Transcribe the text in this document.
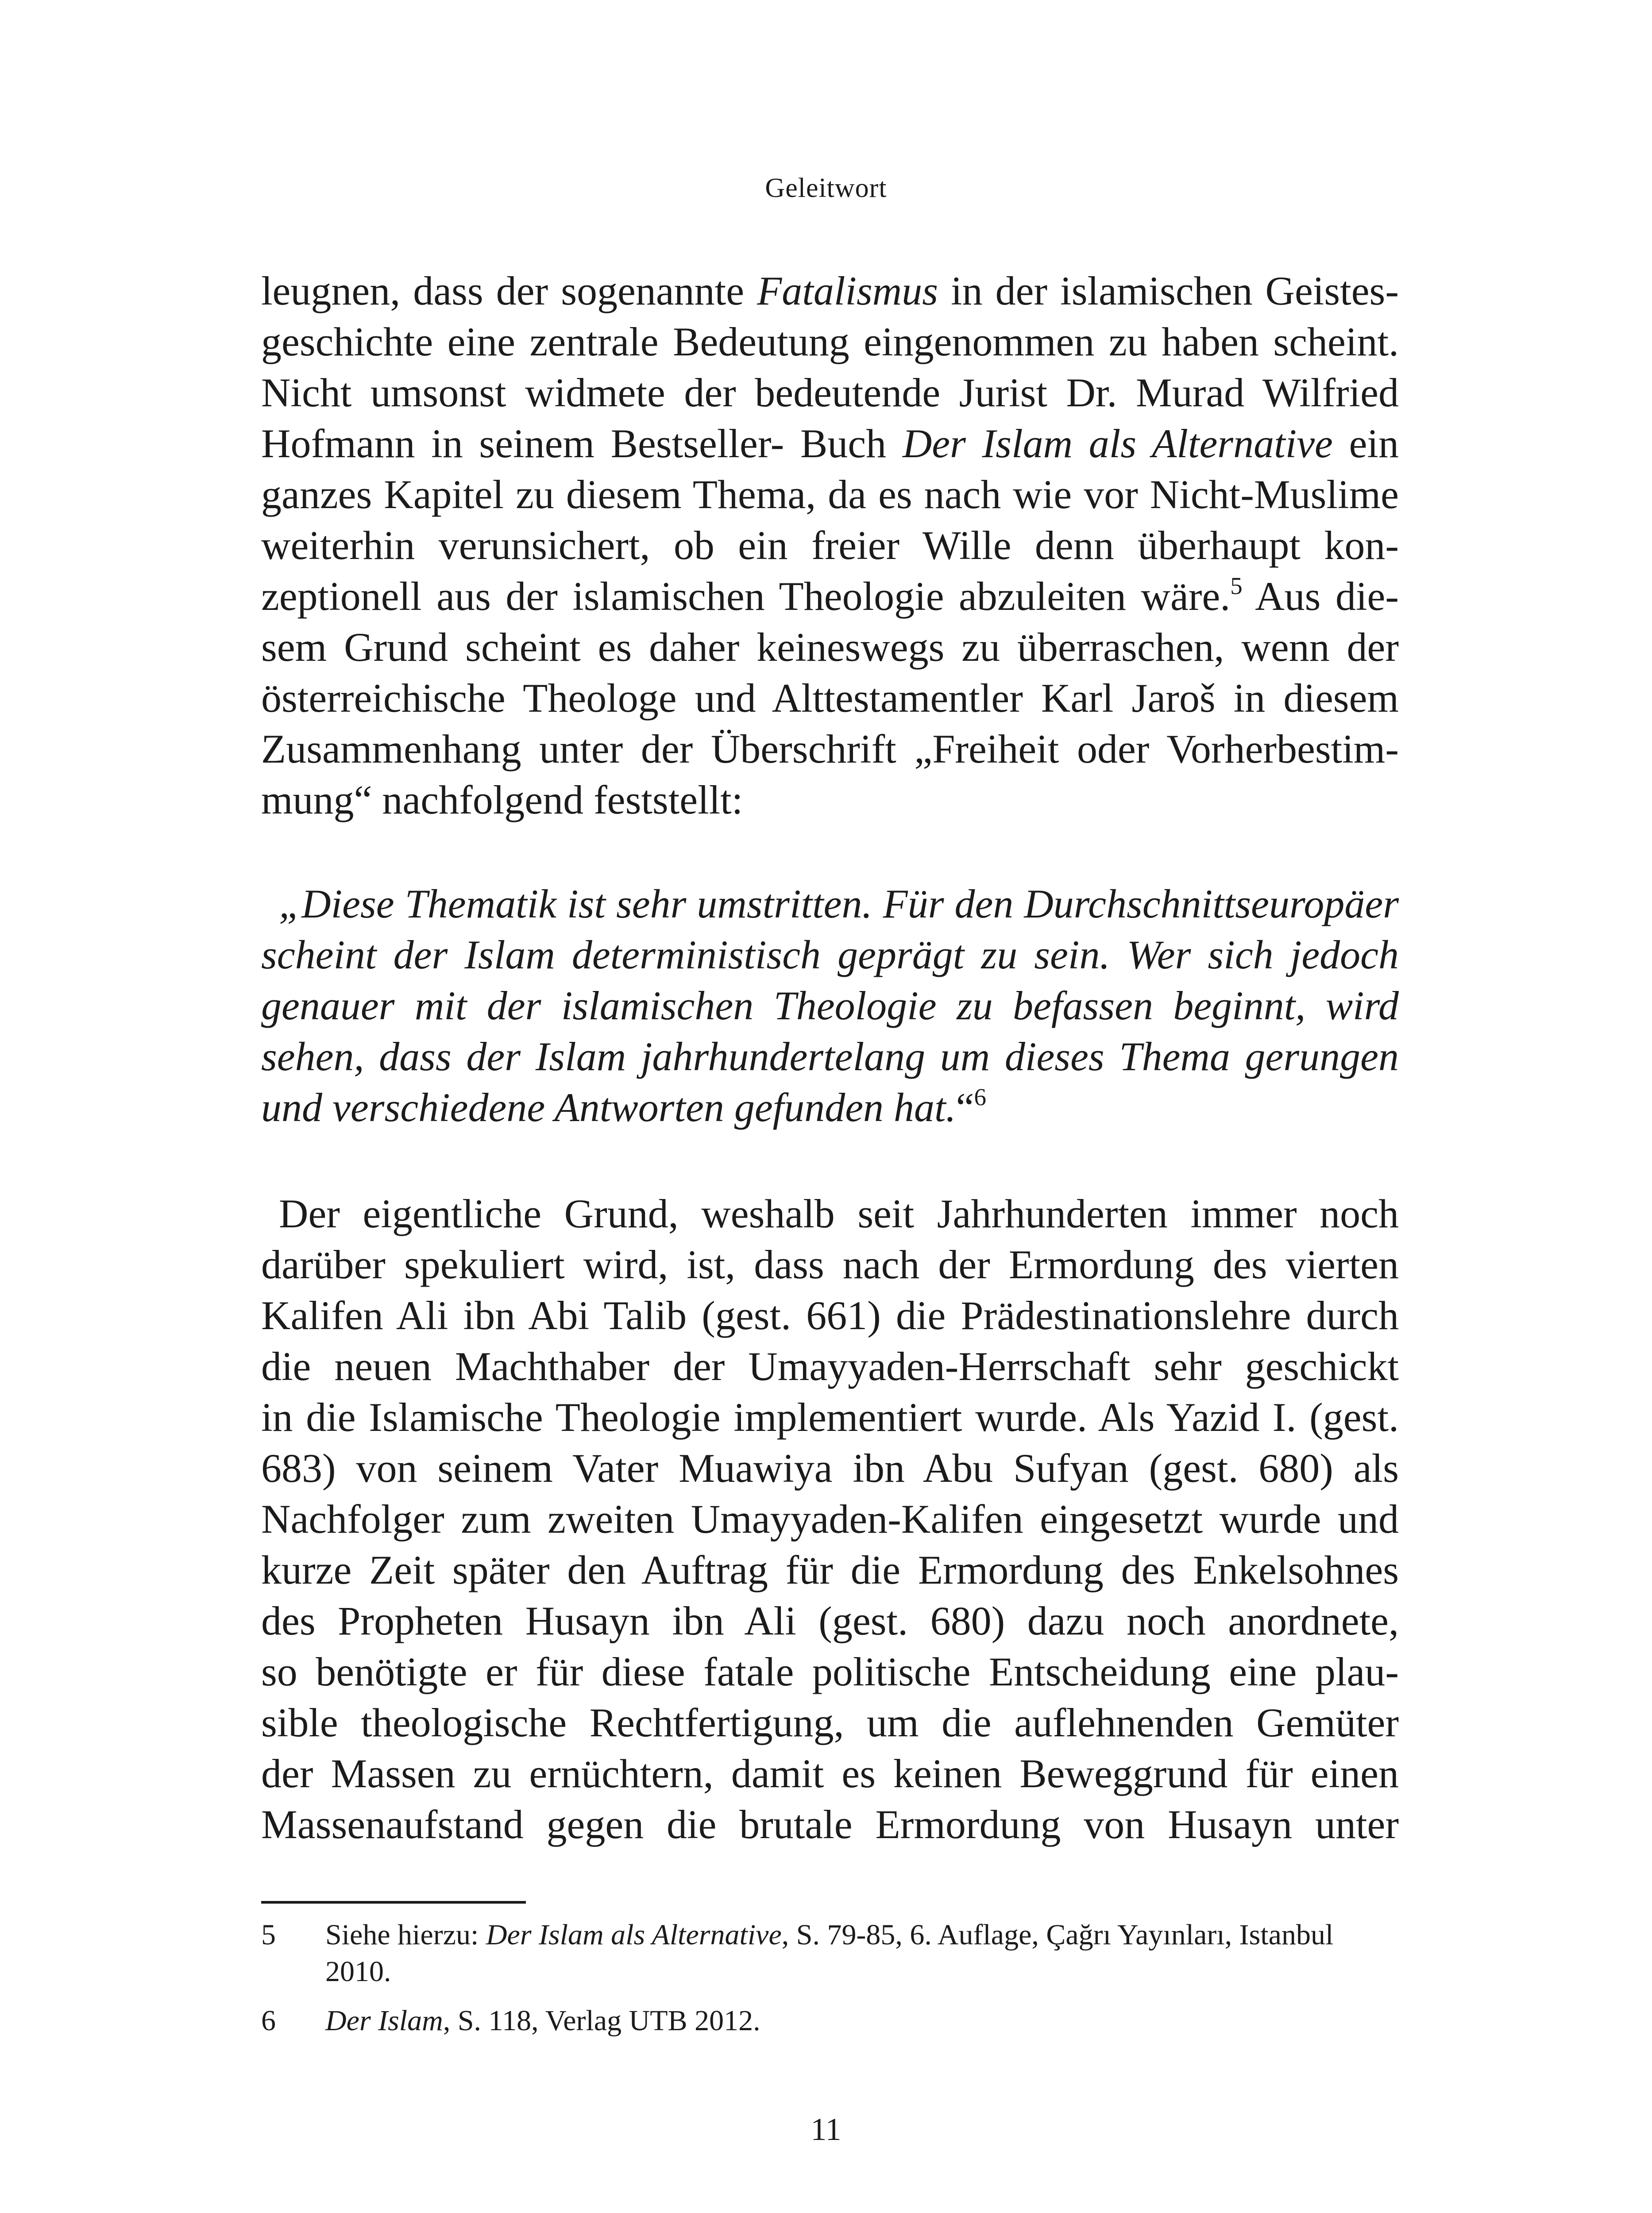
Geleitwort
leugnen, dass der sogenannte Fatalismus in der islamischen Geistes-
geschichte eine zentrale Bedeutung eingenommen zu haben scheint.
Nicht umsonst widmete der bedeutende Jurist Dr. Murad Wilfried
Hofmann in seinem Bestseller- Buch Der Islam als Alternative ein
ganzes Kapitel zu diesem Thema, da es nach wie vor Nicht-Muslime
weiterhin verunsichert, ob ein freier Wille denn überhaupt kon-
zeptionell aus der islamischen Theologie abzuleiten wäre.$^5$ Aus die-
sem Grund scheint es daher keineswegs zu überraschen, wenn der
österreichische Theologe und Alttestamentler Karl Jaroš in diesem
Zusammenhang unter der Überschrift „Freiheit oder Vorherbestim-
mung“ nachfolgend feststellt:
„Diese Thematik ist sehr umstritten. Für den Durchschnittseuropäer
scheint der Islam deterministisch geprägt zu sein. Wer sich jedoch
genauer mit der islamischen Theologie zu befassen beginnt, wird
sehen, dass der Islam jahrhundertelang um dieses Thema gerungen
und verschiedene Antworten gefunden hat.“$^6$
Der eigentliche Grund, weshalb seit Jahrhunderten immer noch
darüber spekuliert wird, ist, dass nach der Ermordung des vierten
Kalifen Ali ibn Abi Talib (gest. 661) die Prädestinationslehre durch
die neuen Machthaber der Umayyaden-Herrschaft sehr geschickt
in die Islamische Theologie implementiert wurde. Als Yazid I. (gest.
683) von seinem Vater Muawiya ibn Abu Sufyan (gest. 680) als
Nachfolger zum zweiten Umayyaden-Kalifen eingesetzt wurde und
kurze Zeit später den Auftrag für die Ermordung des Enkelsohnes
des Propheten Husayn ibn Ali (gest. 680) dazu noch anordnete,
so benötigte er für diese fatale politische Entscheidung eine plau-
sible theologische Rechtfertigung, um die auflehnenden Gemüter
der Massen zu ernüchtern, damit es keinen Beweggrund für einen
Massenaufstand gegen die brutale Ermordung von Husayn unter
5 Siehe hierzu: Der Islam als Alternative, S. 79-85, 6. Auflage, Çağrı Yayınları, Istanbul 2010.
6 Der Islam, S. 118, Verlag UTB 2012.
11
